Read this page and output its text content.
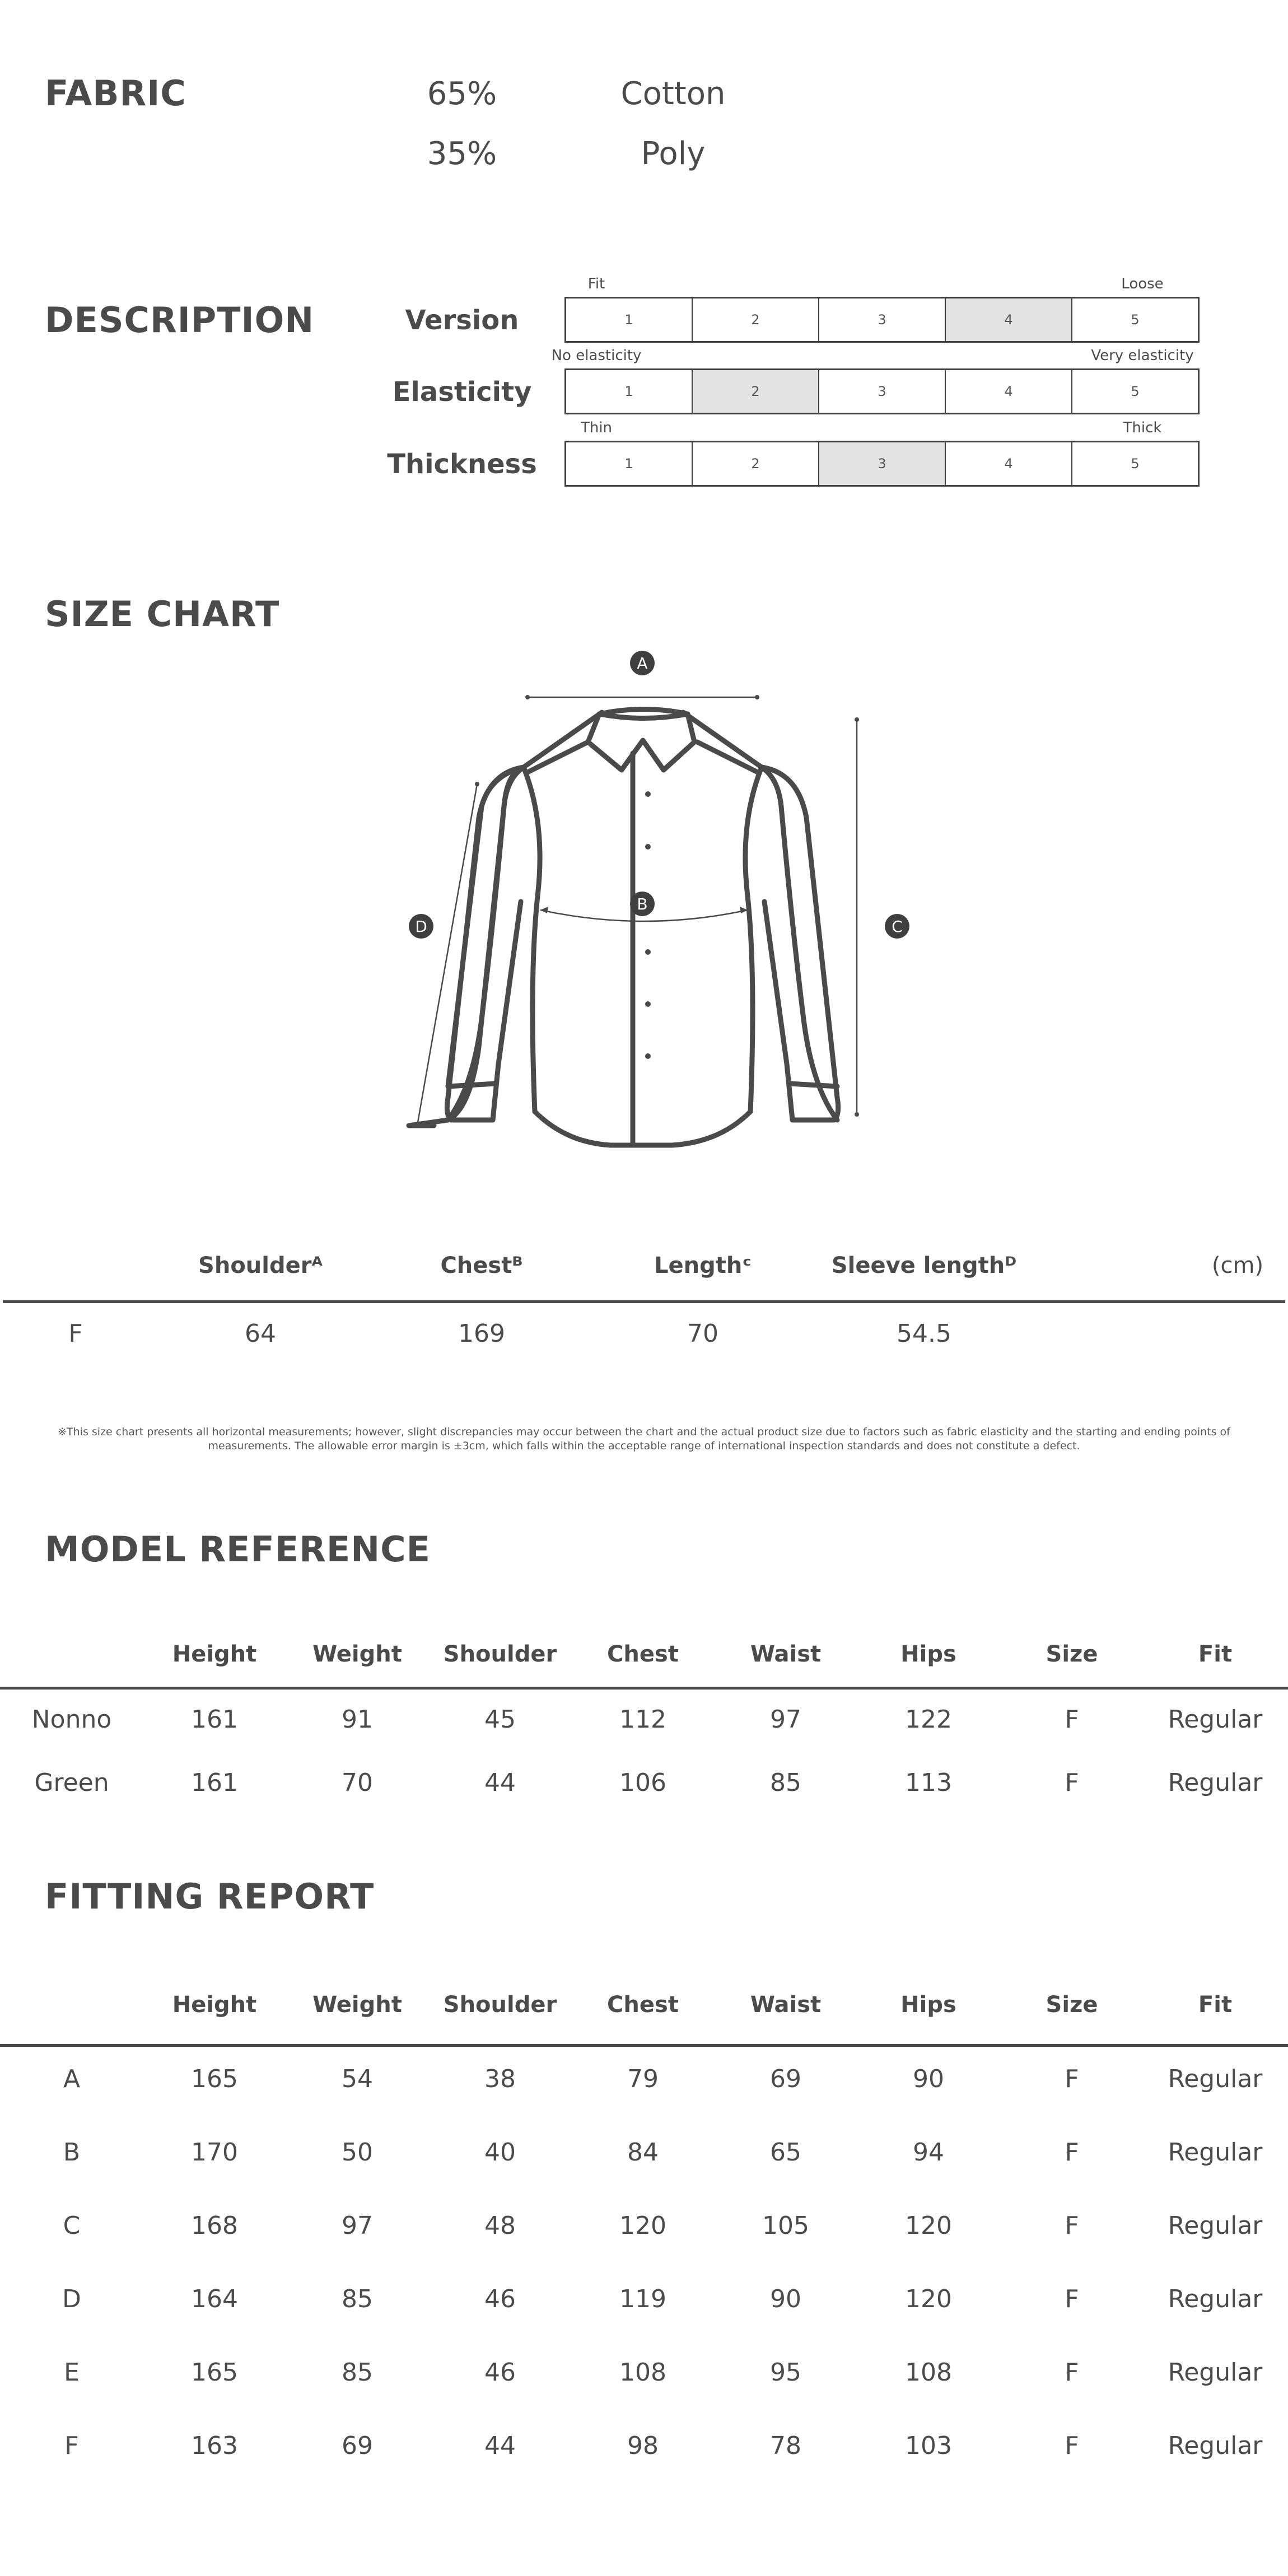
FABRIC	65%	Cotton
35%	Poly
DESCRIPTION	Version
Fit	Loose
1	2	3	4	5
Elasticity
No elasticity	Very elasticity
1	2	3	4	5
Thickness
Thin	Thick
1	2	3	4	5
SIZE CHART
A
B
C
D
Shoulderᴬ	Chestᴮ	Lengthᶜ	Sleeve lengthᴰ	(cm)
F	64	169	70	54.5
※This size chart presents all horizontal measurements; however, slight discrepancies may occur between the chart and the actual product size due to factors such as fabric elasticity and the starting and ending points of measurements. The allowable error margin is ±3cm, which falls within the acceptable range of international inspection standards and does not constitute a defect.
MODEL REFERENCE
Height	Weight	Shoulder	Chest	Waist	Hips	Size	Fit
Nonno	161	91	45	112	97	122	F	Regular
Green	161	70	44	106	85	113	F	Regular
FITTING REPORT
Height	Weight	Shoulder	Chest	Waist	Hips	Size	Fit
A	165	54	38	79	69	90	F	Regular
B	170	50	40	84	65	94	F	Regular
C	168	97	48	120	105	120	F	Regular
D	164	85	46	119	90	120	F	Regular
E	165	85	46	108	95	108	F	Regular
F	163	69	44	98	78	103	F	Regular
